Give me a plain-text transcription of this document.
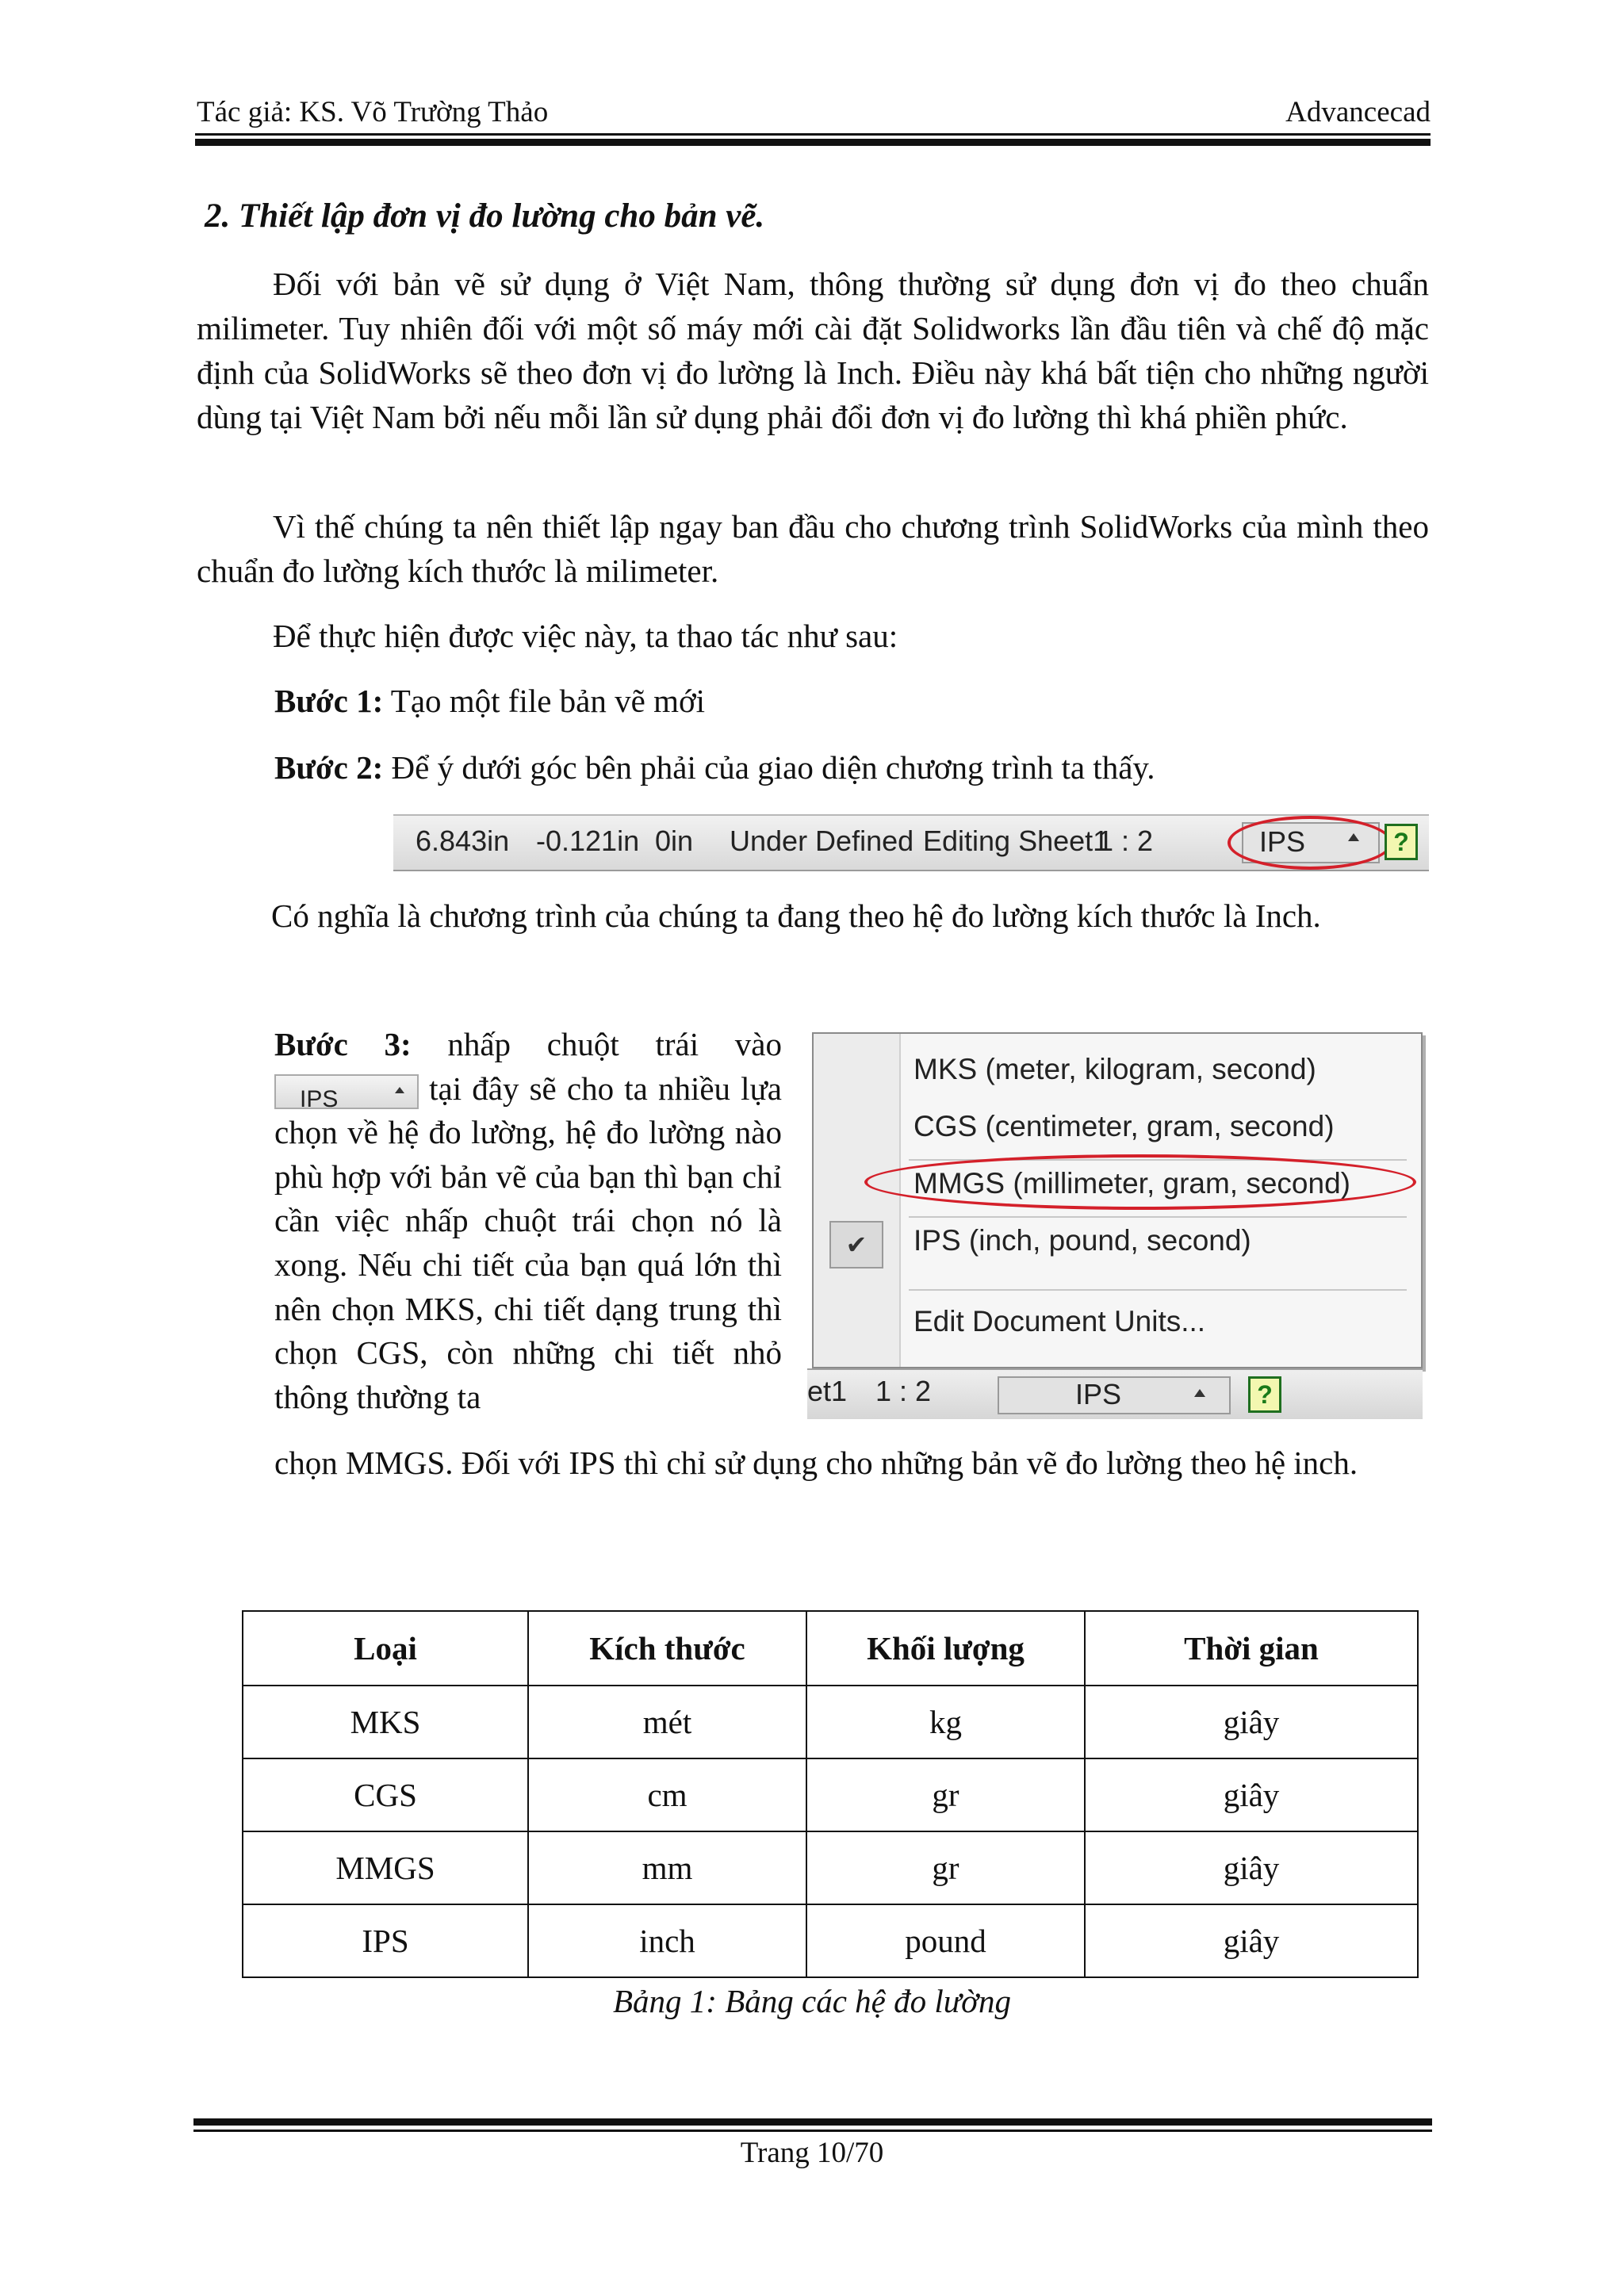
Tác giả: KS. Võ Trường Thảo	Advancecad
2. Thiết lập đơn vị đo lường cho bản vẽ.
Đối với bản vẽ sử dụng ở Việt Nam, thông thường sử dụng đơn vị đo theo chuẩn milimeter. Tuy nhiên đối với một số máy mới cài đặt Solidworks lần đầu tiên và chế độ mặc định của SolidWorks sẽ theo đơn vị đo lường là Inch. Điều này khá bất tiện cho những người dùng tại Việt Nam bởi nếu mỗi lần sử dụng phải đổi đơn vị đo lường thì khá phiền phức.
Vì thế chúng ta nên thiết lập ngay ban đầu cho chương trình SolidWorks của mình theo chuẩn đo lường kích thước là milimeter.
Để thực hiện được việc này, ta thao tác như sau:
Bước 1: Tạo một file bản vẽ mới
Bước 2: Để ý dưới góc bên phải của giao diện chương trình ta thấy.
6.843in -0.121in 0in Under Defined Editing Sheet1
1 : 2	IPS	?
Có nghĩa là chương trình của chúng ta đang theo hệ đo lường kích thước là Inch.
Bước 3: nhấp chuột trái vào
IPS tại đây sẽ cho ta nhiều lựa chọn về hệ đo lường, hệ đo lường nào phù hợp với bản vẽ của bạn thì bạn chỉ cần việc nhấp chuột trái chọn nó là xong. Nếu chi tiết của bạn quá lớn thì nên chọn MKS, chi tiết dạng trung thì chọn CGS, còn những chi tiết nhỏ thông thường ta
chọn MMGS. Đối với IPS thì chỉ sử dụng cho những bản vẽ đo lường theo hệ inch.
MKS (meter, kilogram, second)
CGS (centimeter, gram, second)
MMGS (millimeter, gram, second)
✔	IPS (inch, pound, second)
Edit Document Units...
et1 1 : 2	IPS	?
Loại	Kích thước	Khối lượng	Thời gian
MKS	mét	kg	giây
CGS	cm	gr	giây
MMGS	mm	gr	giây
IPS	inch	pound	giây
Bảng 1: Bảng các hệ đo lường
Trang 10/70
